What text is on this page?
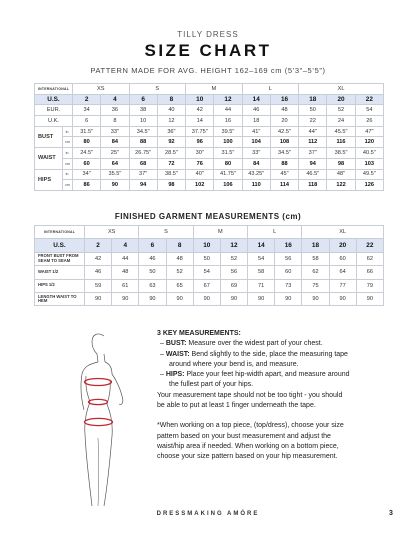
TILLY DRESS
SIZE CHART
PATTERN MADE FOR AVG. HEIGHT 162–169 cm (5’3”–5’5”)
INTERNATIONAL		XS		S		M		L		XL		
U.S.		2	4	6	8	10	12	14	16	18	20	22
EUR.		34	36	38	40	42	44	46	48	50	52	54
U.K.		6	8	10	12	14	16	18	20	22	24	26
BUST	in.	31.5"	33"	34.5"	36"	37.75"	39.5"	41"	42.5"	44"	45.5"	47"
	cm	80	84	88	92	96	100	104	108	112	116	120
WAIST	in.	24.5"	25"	26.75"	28.5"	30"	31.5"	33"	34.5"	37"	38.5"	40.5"
	cm	60	64	68	72	76	80	84	88	94	98	103
HIPS	in.	34"	35.5"	37"	38.5"	40"	41.75"	43.25"	45"	46.5"	48"	49.5"
	cm	86	90	94	98	102	106	110	114	118	122	126
FINISHED GARMENT MEASUREMENTS (cm)
INTERNATIONAL	XS		S		M		L		XL		
U.S.	2	4	6	8	10	12	14	16	18	20	22
FRONT BUST FROM SEAM TO SEAM	42	44	46	48	50	52	54	56	58	60	62
WAIST 1/2	46	48	50	52	54	56	58	60	62	64	66
HIPS 1/2	59	61	63	65	67	69	71	73	75	77	79
LENGTH WAIST TO HEM	90	90	90	90	90	90	90	90	90	90	90
3 KEY MEASUREMENTS:
– BUST: Measure over the widest part of your chest.
– WAIST: Bend slightly to the side, place the measuring tape
around where your bend is, and measure.
– HIPS: Place your feet hip-width apart, and measure around
the fullest part of your hips.
Your measurement tape should not be too tight - you should
be able to put at least 1 finger underneath the tape.
*When working on a top piece, (top/dress), choose your size
pattern based on your bust measurement and adjust the
waist/hip area if needed. When working on a bottom piece,
choose your size pattern based on your hip measurement.
DRESSMAKING AMÓRE	3
